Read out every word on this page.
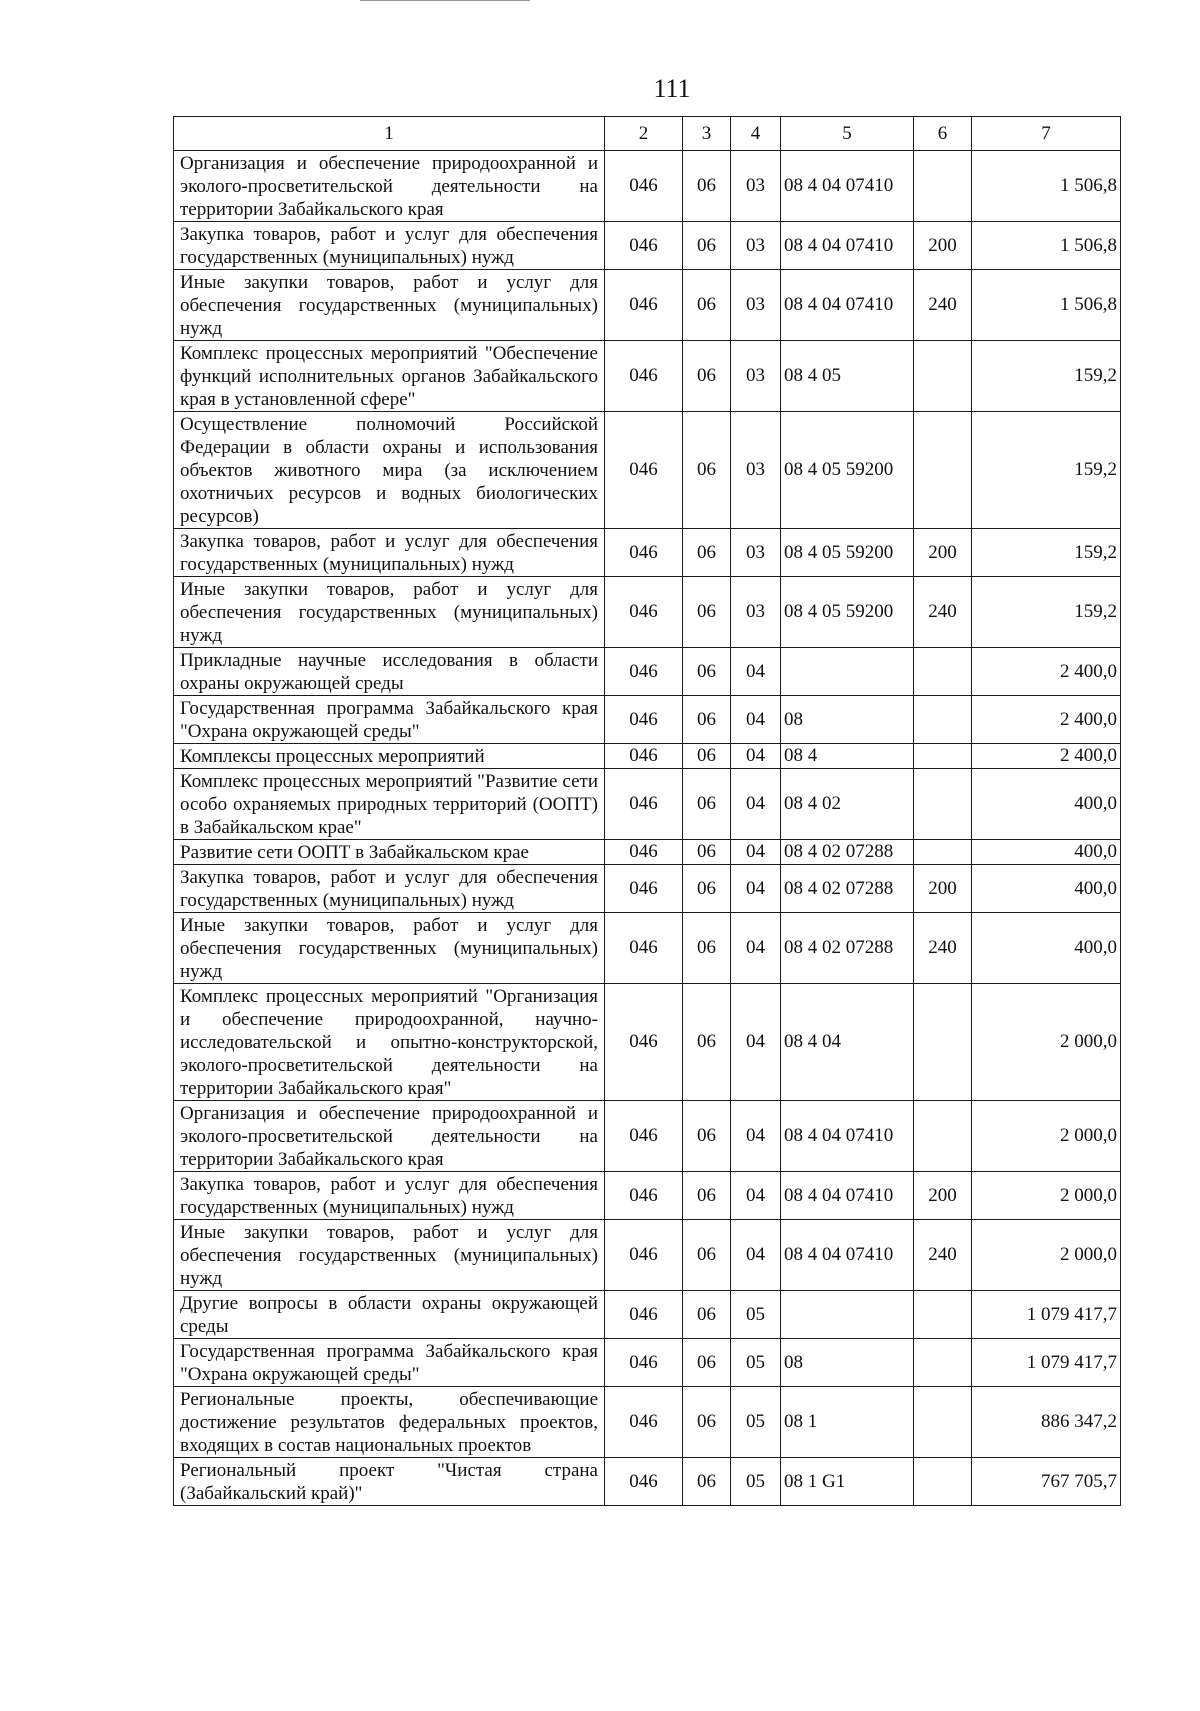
111
1	2	3	4	5	6	7
Организация и обеспечение природоохранной и эколого-просветительской деятельности на территории Забайкальского края	046	06	03	08 4 04 07410		1 506,8
Закупка товаров, работ и услуг для обеспечения государственных (муниципальных) нужд	046	06	03	08 4 04 07410	200	1 506,8
Иные закупки товаров, работ и услуг для обеспечения государственных (муниципальных) нужд	046	06	03	08 4 04 07410	240	1 506,8
Комплекс процессных мероприятий "Обеспечение функций исполнительных органов Забайкальского края в установленной сфере"	046	06	03	08 4 05		159,2
Осуществление полномочий Российской Федерации в области охраны и использования объектов животного мира (за исключением охотничьих ресурсов и водных биологических ресурсов)	046	06	03	08 4 05 59200		159,2
Закупка товаров, работ и услуг для обеспечения государственных (муниципальных) нужд	046	06	03	08 4 05 59200	200	159,2
Иные закупки товаров, работ и услуг для обеспечения государственных (муниципальных) нужд	046	06	03	08 4 05 59200	240	159,2
Прикладные научные исследования в области охраны окружающей среды	046	06	04			2 400,0
Государственная программа Забайкальского края "Охрана окружающей среды"	046	06	04	08		2 400,0
Комплексы процессных мероприятий	046	06	04	08 4		2 400,0
Комплекс процессных мероприятий "Развитие сети особо охраняемых природных территорий (ООПТ) в Забайкальском крае"	046	06	04	08 4 02		400,0
Развитие сети ООПТ в Забайкальском крае	046	06	04	08 4 02 07288		400,0
Закупка товаров, работ и услуг для обеспечения государственных (муниципальных) нужд	046	06	04	08 4 02 07288	200	400,0
Иные закупки товаров, работ и услуг для обеспечения государственных (муниципальных) нужд	046	06	04	08 4 02 07288	240	400,0
Комплекс процессных мероприятий "Организация и обеспечение природоохранной, научно-исследовательской и опытно-конструкторской, эколого-просветительской деятельности на территории Забайкальского края"	046	06	04	08 4 04		2 000,0
Организация и обеспечение природоохранной и эколого-просветительской деятельности на территории Забайкальского края	046	06	04	08 4 04 07410		2 000,0
Закупка товаров, работ и услуг для обеспечения государственных (муниципальных) нужд	046	06	04	08 4 04 07410	200	2 000,0
Иные закупки товаров, работ и услуг для обеспечения государственных (муниципальных) нужд	046	06	04	08 4 04 07410	240	2 000,0
Другие вопросы в области охраны окружающей среды	046	06	05			1 079 417,7
Государственная программа Забайкальского края "Охрана окружающей среды"	046	06	05	08		1 079 417,7
Региональные проекты, обеспечивающие достижение результатов федеральных проектов, входящих в состав национальных проектов	046	06	05	08 1		886 347,2
Региональный проект "Чистая страна (Забайкальский край)"	046	06	05	08 1 G1		767 705,7
